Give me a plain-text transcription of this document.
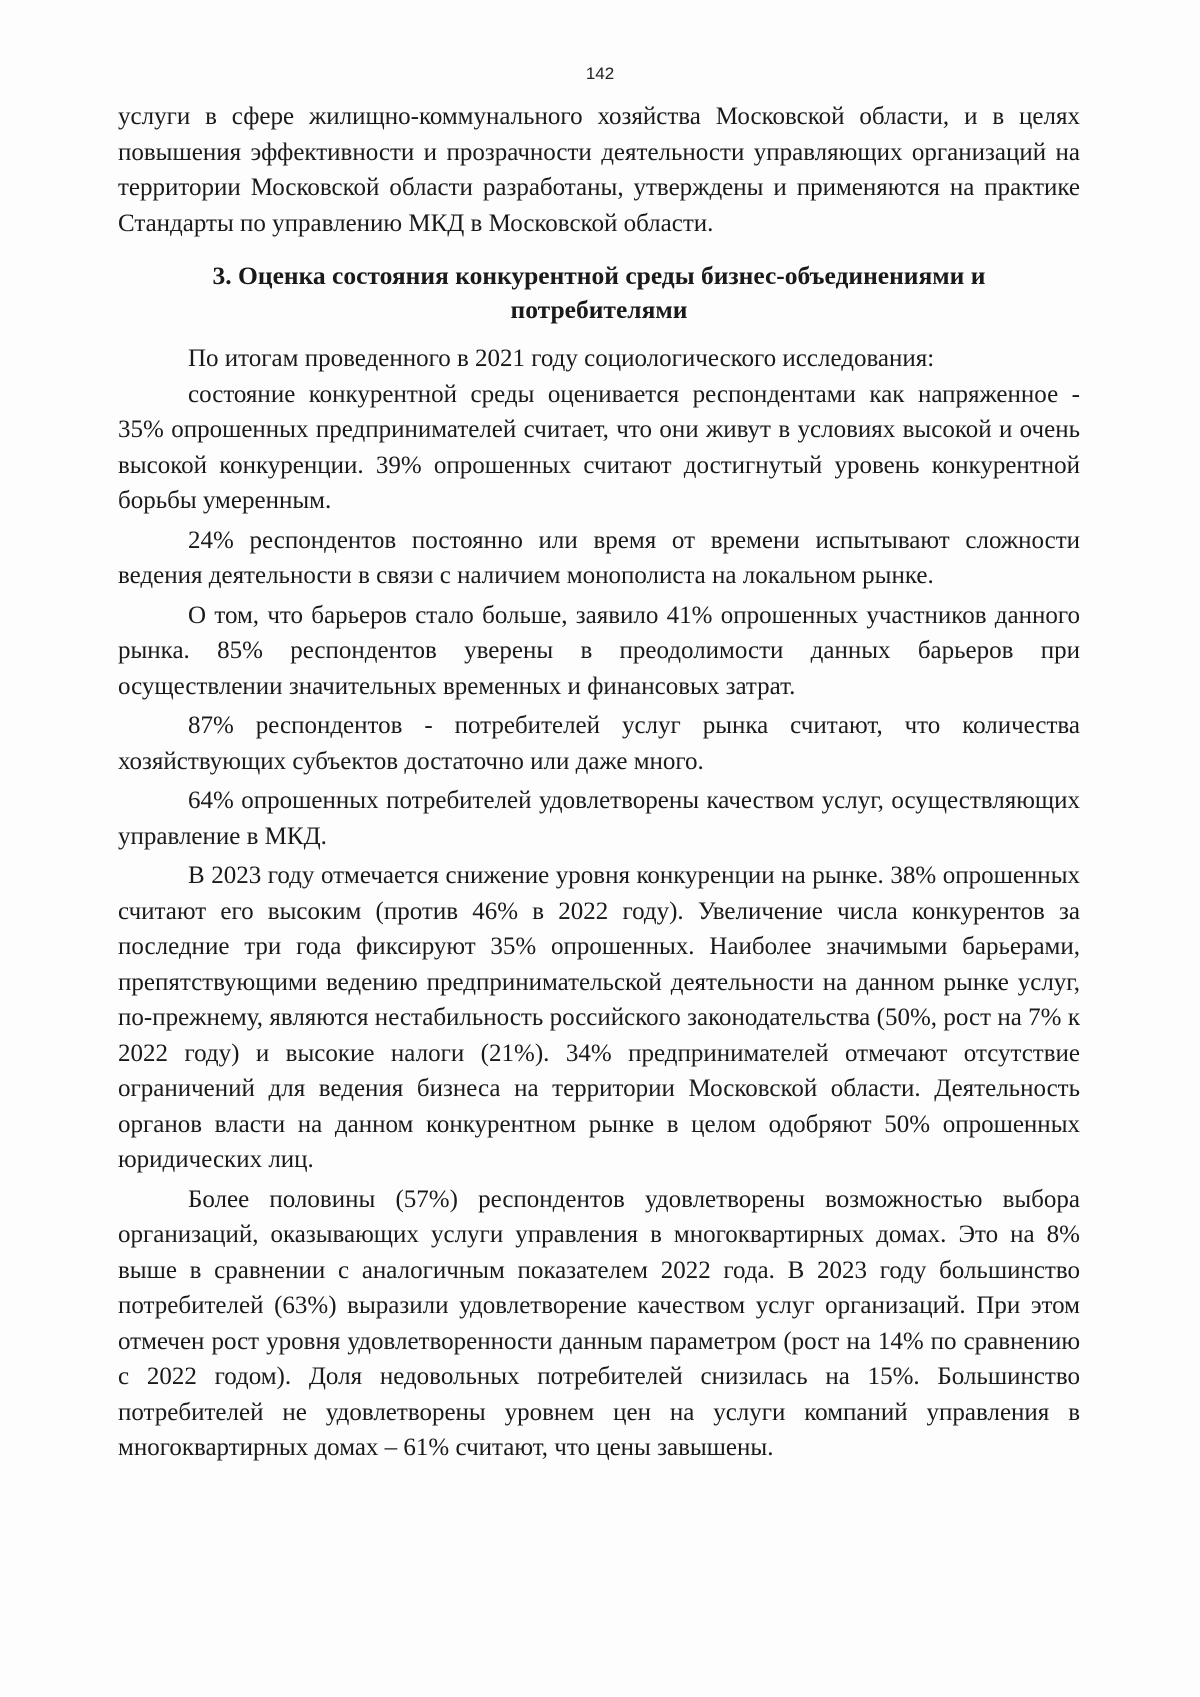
142

услуги в сфере жилищно-коммунального хозяйства Московской области, и в целях повышения эффективности и прозрачности деятельности управляющих организаций на территории Московской области разработаны, утверждены и применяются на практике Стандарты по управлению МКД в Московской области.

3. Оценка состояния конкурентной среды бизнес-объединениями и потребителями

По итогам проведенного в 2021 году социологического исследования:

состояние конкурентной среды оценивается респондентами как напряженное - 35% опрошенных предпринимателей считает, что они живут в условиях высокой и очень высокой конкуренции. 39% опрошенных считают достигнутый уровень конкурентной борьбы умеренным.

24% респондентов постоянно или время от времени испытывают сложности ведения деятельности в связи с наличием монополиста на локальном рынке.

О том, что барьеров стало больше, заявило 41% опрошенных участников данного рынка. 85% респондентов уверены в преодолимости данных барьеров при осуществлении значительных временных и финансовых затрат.

87% респондентов - потребителей услуг рынка считают, что количества хозяйствующих субъектов достаточно или даже много.

64% опрошенных потребителей удовлетворены качеством услуг, осуществляющих управление в МКД.

В 2023 году отмечается снижение уровня конкуренции на рынке. 38% опрошенных считают его высоким (против 46% в 2022 году). Увеличение числа конкурентов за последние три года фиксируют 35% опрошенных. Наиболее значимыми барьерами, препятствующими ведению предпринимательской деятельности на данном рынке услуг, по-прежнему, являются нестабильность российского законодательства (50%, рост на 7% к 2022 году) и высокие налоги (21%). 34% предпринимателей отмечают отсутствие ограничений для ведения бизнеса на территории Московской области. Деятельность органов власти на данном конкурентном рынке в целом одобряют 50% опрошенных юридических лиц.

Более половины (57%) респондентов удовлетворены возможностью выбора организаций, оказывающих услуги управления в многоквартирных домах. Это на 8% выше в сравнении с аналогичным показателем 2022 года. В 2023 году большинство потребителей (63%) выразили удовлетворение качеством услуг организаций. При этом отмечен рост уровня удовлетворенности данным параметром (рост на 14% по сравнению с 2022 годом). Доля недовольных потребителей снизилась на 15%. Большинство потребителей не удовлетворены уровнем цен на услуги компаний управления в многоквартирных домах – 61% считают, что цены завышены.
